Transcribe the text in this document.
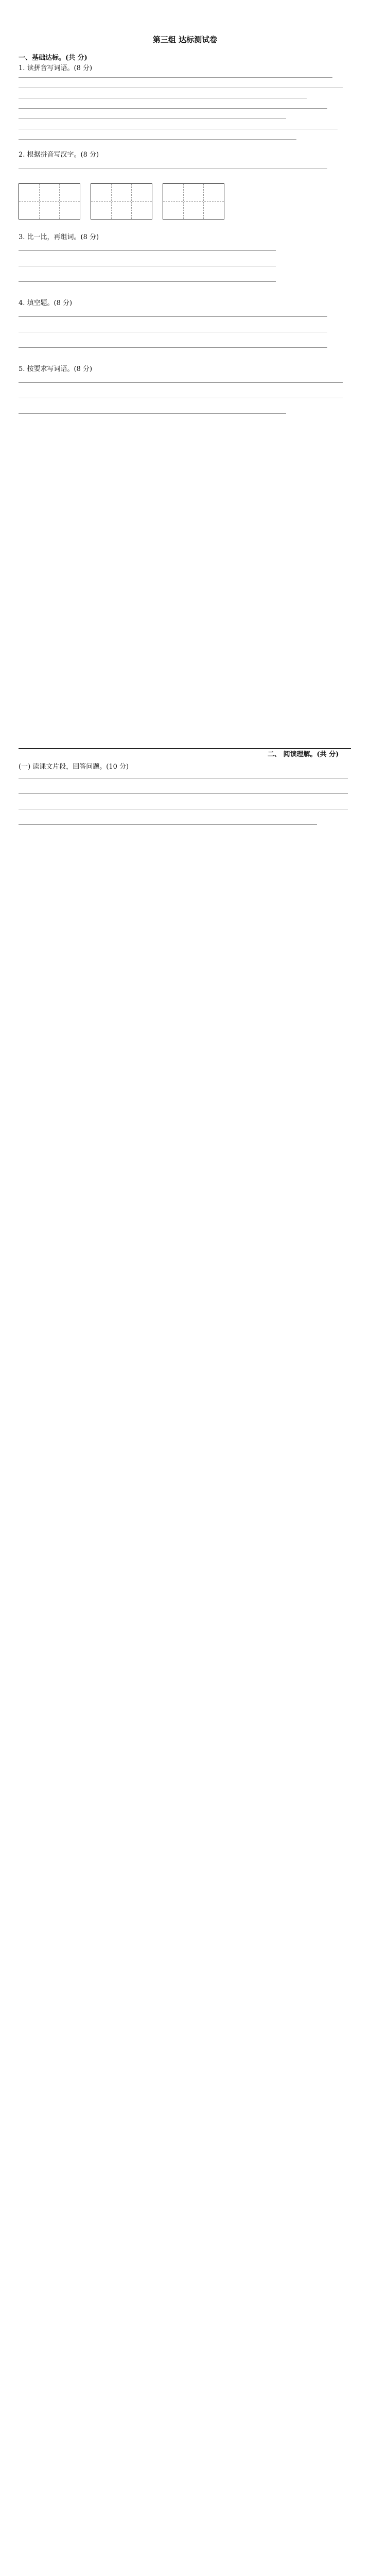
第三组 达标测试卷
一、基础达标。(共 分)
1. 读拼音写词语。(8 分)
2. 根据拼音写汉字。(8 分)
3. 比一比，再组词。(8 分)
4. 填空题。(8 分)
5. 按要求写词语。(8 分)
二、 阅读理解。(共 分)
(一) 读课文片段，回答问题。(10 分)
